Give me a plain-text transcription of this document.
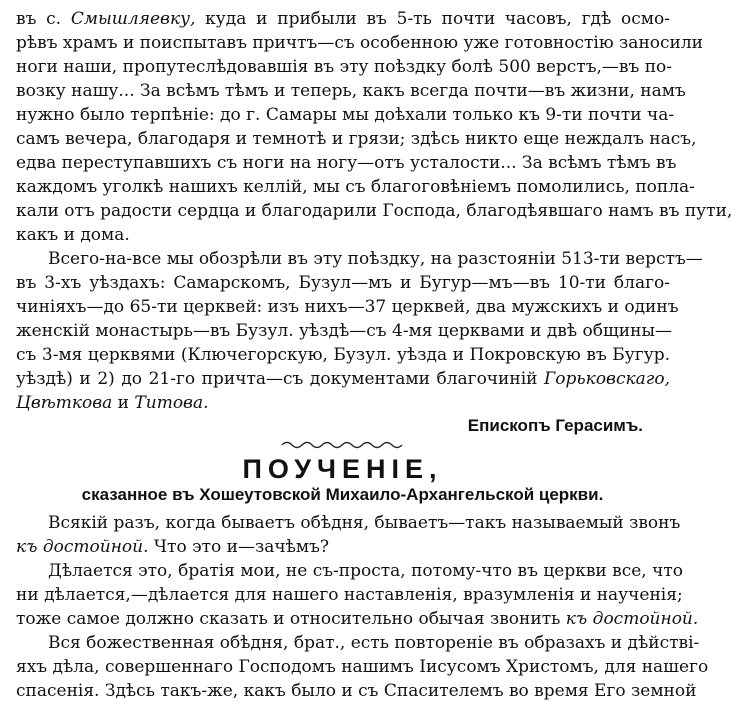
въ с. Смышляевку, куда и прибыли въ 5-ть почти часовъ, гдѣ осмо-
рѣвъ храмъ и поиспытавъ причтъ—съ особенною уже готовностію заносили
ноги наши, пропутеслѣдовавшія въ эту поѣздку болѣ 500 верстъ,—въ по-
возку нашу... За всѣмъ тѣмъ и теперь, какъ всегда почти—въ жизни, намъ
нужно было терпѣніе: до г. Самары мы доѣхали только къ 9-ти почти ча-
самъ вечера, благодаря и темнотѣ и грязи; здѣсь никто еще неждалъ насъ,
едва переступавшихъ съ ноги на ногу—отъ усталости... За всѣмъ тѣмъ въ
каждомъ уголкѣ нашихъ келлій, мы съ благоговѣніемъ помолились, попла-
кали отъ радости сердца и благодарили Господа, благодѣявшаго намъ въ пути,
какъ и дома.
Всего-на-все мы обозрѣли въ эту поѣздку, на разстояніи 513-ти верстъ—
въ 3-хъ уѣздахъ: Самарскомъ, Бузул—мъ и Бугур—мъ—въ 10-ти благо-
чиніяхъ—до 65-ти церквей: изъ нихъ—37 церквей, два мужскихъ и одинъ
женскій монастырь—въ Бузул. уѣздѣ—съ 4-мя церквами и двѣ общины—
съ 3-мя церквями (Ключегорскую, Бузул. уѣзда и Покровскую въ Бугур.
уѣздѣ) и 2) до 21-го причта—съ документами благочиній Горьковскаго,
Цвѣткова и Титова.
Епископъ Герасимъ.
ПОУЧЕНІЕ,
сказанное въ Хошеутовской Михаило-Архангельской церкви.
Всякій разъ, когда бываетъ обѣдня, бываетъ—такъ называемый звонъ
къ достойной. Что это и—зачѣмъ?
Дѣлается это, братія мои, не съ-проста, потому-что въ церкви все, что
ни дѣлается,—дѣлается для нашего наставленія, вразумленія и наученія;
тоже самое должно сказать и относительно обычая звонить къ достойной.
Вся божественная обѣдня, брат., есть повтореніе въ образахъ и дѣйстві-
яхъ дѣла, совершеннаго Господомъ нашимъ Іисусомъ Христомъ, для нашего
спасенія. Здѣсь такъ-же, какъ было и съ Спасителемъ во время Его земной
